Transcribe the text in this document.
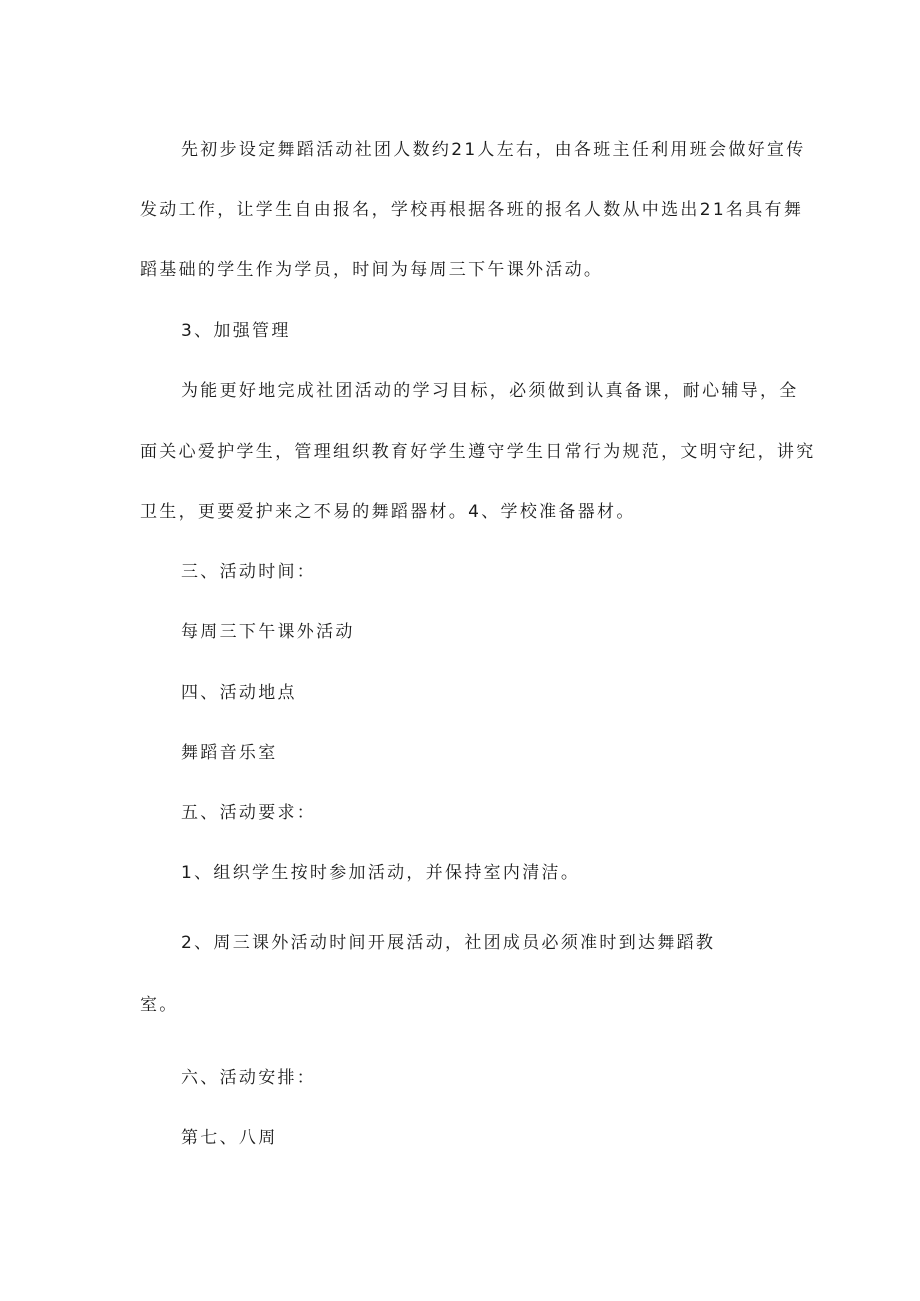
先初步设定舞蹈活动社团人数约21人左右，由各班主任利用班会做好宣传

发动工作，让学生自由报名，学校再根据各班的报名人数从中选出21名具有舞

蹈基础的学生作为学员，时间为每周三下午课外活动。

3、加强管理

为能更好地完成社团活动的学习目标，必须做到认真备课，耐心辅导，全

面关心爱护学生，管理组织教育好学生遵守学生日常行为规范，文明守纪，讲究

卫生，更要爱护来之不易的舞蹈器材。4、学校准备器材。

三、活动时间：

每周三下午课外活动

四、活动地点

舞蹈音乐室

五、活动要求：

1、组织学生按时参加活动，并保持室内清洁。

2、周三课外活动时间开展活动，社团成员必须准时到达舞蹈教

室。

六、活动安排：

第七、八周
